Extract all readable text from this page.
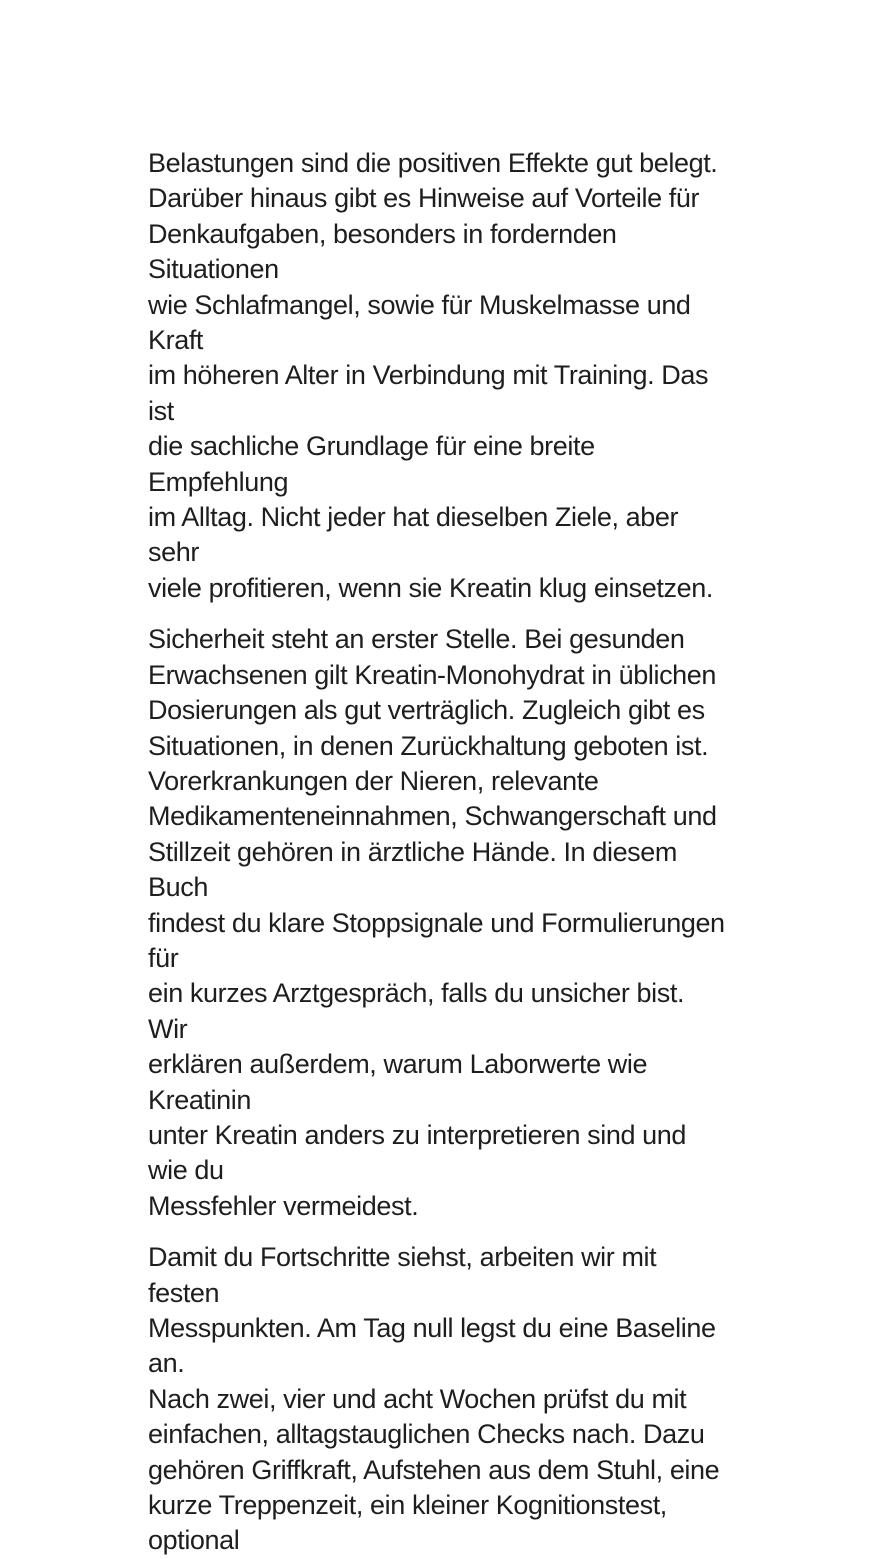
Belastungen sind die positiven Effekte gut belegt.
Darüber hinaus gibt es Hinweise auf Vorteile für
Denkaufgaben, besonders in fordernden Situationen
wie Schlafmangel, sowie für Muskelmasse und Kraft
im höheren Alter in Verbindung mit Training. Das ist
die sachliche Grundlage für eine breite Empfehlung
im Alltag. Nicht jeder hat dieselben Ziele, aber sehr
viele profitieren, wenn sie Kreatin klug einsetzen.

Sicherheit steht an erster Stelle. Bei gesunden
Erwachsenen gilt Kreatin-Monohydrat in üblichen
Dosierungen als gut verträglich. Zugleich gibt es
Situationen, in denen Zurückhaltung geboten ist.
Vorerkrankungen der Nieren, relevante
Medikamenteneinnahmen, Schwangerschaft und
Stillzeit gehören in ärztliche Hände. In diesem Buch
findest du klare Stoppsignale und Formulierungen für
ein kurzes Arztgespräch, falls du unsicher bist. Wir
erklären außerdem, warum Laborwerte wie Kreatinin
unter Kreatin anders zu interpretieren sind und wie du
Messfehler vermeidest.

Damit du Fortschritte siehst, arbeiten wir mit festen
Messpunkten. Am Tag null legst du eine Baseline an.
Nach zwei, vier und acht Wochen prüfst du mit
einfachen, alltagstauglichen Checks nach. Dazu
gehören Griffkraft, Aufstehen aus dem Stuhl, eine
kurze Treppenzeit, ein kleiner Kognitionstest, optional
